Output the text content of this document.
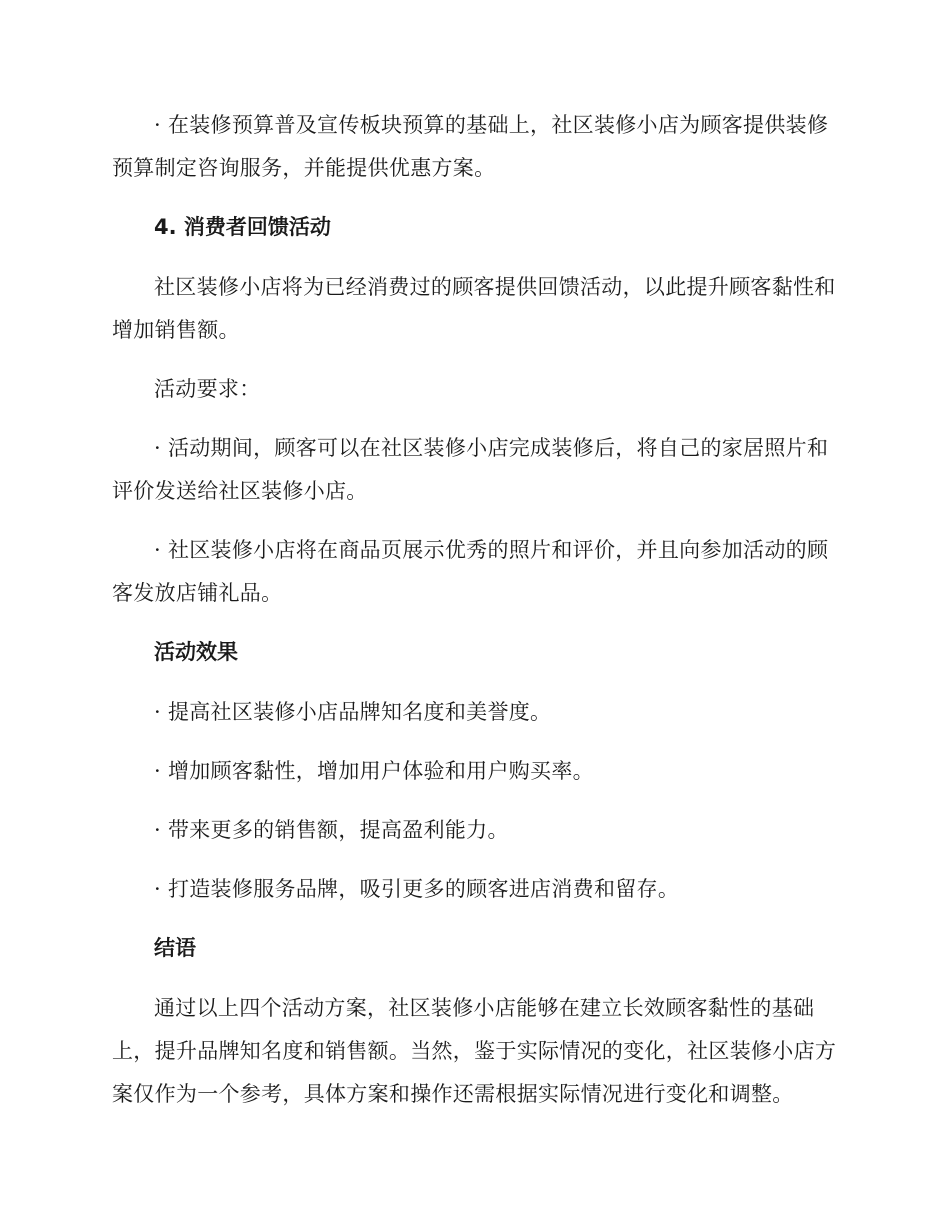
· 在装修预算普及宣传板块预算的基础上，社区装修小店为顾客提供装修预算制定咨询服务，并能提供优惠方案。

4. 消费者回馈活动

社区装修小店将为已经消费过的顾客提供回馈活动，以此提升顾客黏性和增加销售额。

活动要求：

· 活动期间，顾客可以在社区装修小店完成装修后，将自己的家居照片和评价发送给社区装修小店。

· 社区装修小店将在商品页展示优秀的照片和评价，并且向参加活动的顾客发放店铺礼品。

活动效果

· 提高社区装修小店品牌知名度和美誉度。

· 增加顾客黏性，增加用户体验和用户购买率。

· 带来更多的销售额，提高盈利能力。

· 打造装修服务品牌，吸引更多的顾客进店消费和留存。

结语

通过以上四个活动方案，社区装修小店能够在建立长效顾客黏性的基础上，提升品牌知名度和销售额。当然，鉴于实际情况的变化，社区装修小店方案仅作为一个参考，具体方案和操作还需根据实际情况进行变化和调整。
